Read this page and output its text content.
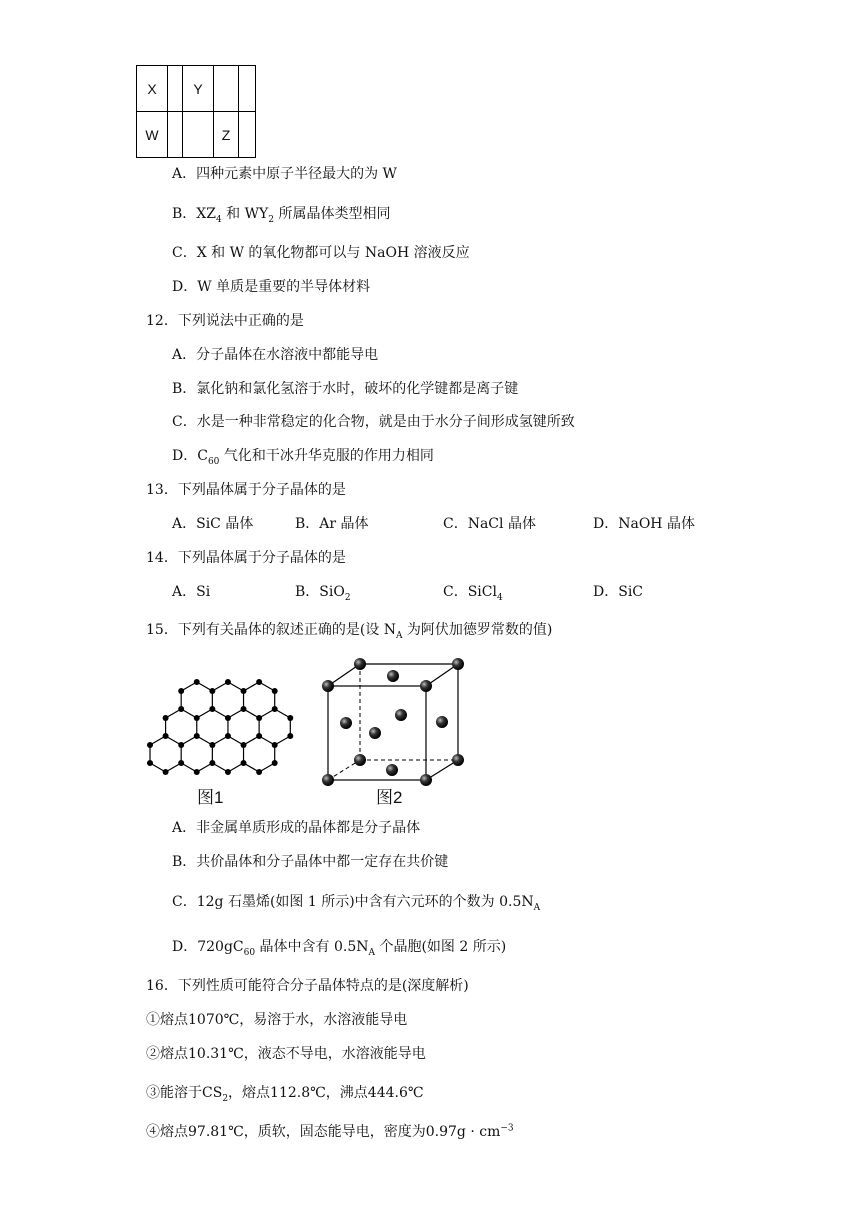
X		Y		
W			Z	
A．四种元素中原子半径最大的为 W
B．$XZ_4$ 和 $WY_2$ 所属晶体类型相同
C．X 和 W 的氧化物都可以与 NaOH 溶液反应
D．W 单质是重要的半导体材料
12．下列说法中正确的是
A．分子晶体在水溶液中都能导电
B．氯化钠和氯化氢溶于水时，破坏的化学键都是离子键
C．水是一种非常稳定的化合物，就是由于水分子间形成氢键所致
D．$C_{60}$ 气化和干冰升华克服的作用力相同
13．下列晶体属于分子晶体的是
A．SiC 晶体	B．Ar 晶体	C．NaCl 晶体	D．NaOH 晶体
14．下列晶体属于分子晶体的是
A．Si	B．SiO$_2$	C．SiCl$_4$	D．SiC
15．下列有关晶体的叙述正确的是(设 $N_A$ 为阿伏加德罗常数的值)
图1	图2
A．非金属单质形成的晶体都是分子晶体
B．共价晶体和分子晶体中都一定存在共价键
C．12g 石墨烯(如图 1 所示)中含有六元环的个数为 $0.5N_A$
D．$720gC_{60}$ 晶体中含有 $0.5N_A$ 个晶胞(如图 2 所示)
16．下列性质可能符合分子晶体特点的是(深度解析)
①熔点1070℃，易溶于水，水溶液能导电
②熔点10.31℃，液态不导电，水溶液能导电
③能溶于$CS_2$，熔点112.8℃，沸点444.6℃
④熔点97.81℃，质软，固态能导电，密度为$0.97g \cdot cm^{-3}$
